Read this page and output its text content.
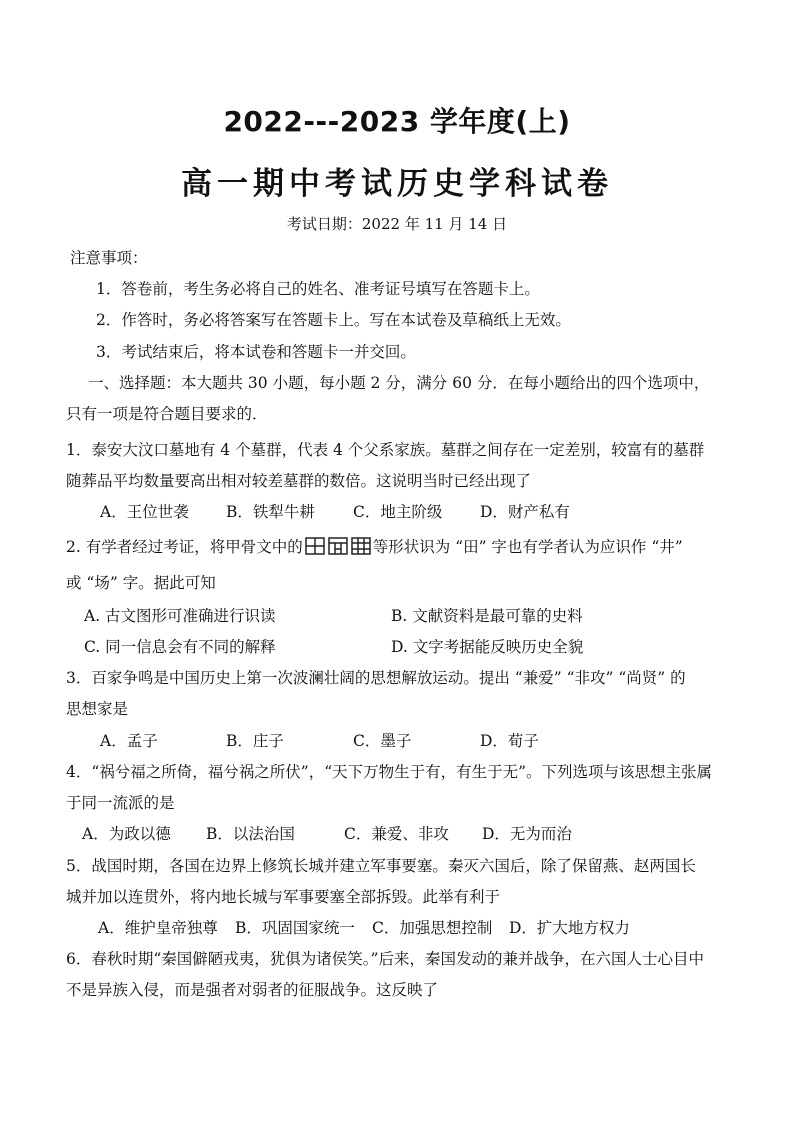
2022---2023 学年度(上)
高一期中考试历史学科试卷
考试日期：2022 年 11 月 14 日
注意事项：
1．答卷前，考生务必将自己的姓名、准考证号填写在答题卡上。
2．作答时，务必将答案写在答题卡上。写在本试卷及草稿纸上无效。
3．考试结束后，将本试卷和答题卡一并交回。
一、选择题：本大题共 30 小题，每小题 2 分，满分 60 分．在每小题给出的四个选项中，
只有一项是符合题目要求的．
1．泰安大汶口墓地有 4 个墓群，代表 4 个父系家族。墓群之间存在一定差别，较富有的墓群
随葬品平均数量要高出相对较差墓群的数倍。这说明当时已经出现了
A．王位世袭 B．铁犁牛耕 C．地主阶级 D．财产私有
2. 有学者经过考证，将甲骨文中的	等形状识为 “田” 字也有学者认为应识作 “井”
或 “场” 字。据此可知
A. 古文图形可准确进行识读	B. 文献资料是最可靠的史料
C. 同一信息会有不同的解释	D. 文字考据能反映历史全貌
3．百家争鸣是中国历史上第一次波澜壮阔的思想解放运动。提出 “兼爱” “非攻” “尚贤” 的
思想家是
A．孟子	B．庄子	C．墨子	D．荀子
4．“祸兮福之所倚，福兮祸之所伏”，“天下万物生于有，有生于无”。下列选项与该思想主张属
于同一流派的是
A．为政以德 B．以法治国	C．兼爱、非攻 D．无为而治
5．战国时期，各国在边界上修筑长城并建立军事要塞。秦灭六国后，除了保留燕、赵两国长
城并加以连贯外，将内地长城与军事要塞全部拆毁。此举有利于
A．维护皇帝独尊 B．巩固国家统一 C．加强思想控制 D．扩大地方权力
6．春秋时期“秦国僻陋戎夷，犹俱为诸侯笑。”后来，秦国发动的兼并战争，在六国人士心目中
不是异族入侵，而是强者对弱者的征服战争。这反映了
